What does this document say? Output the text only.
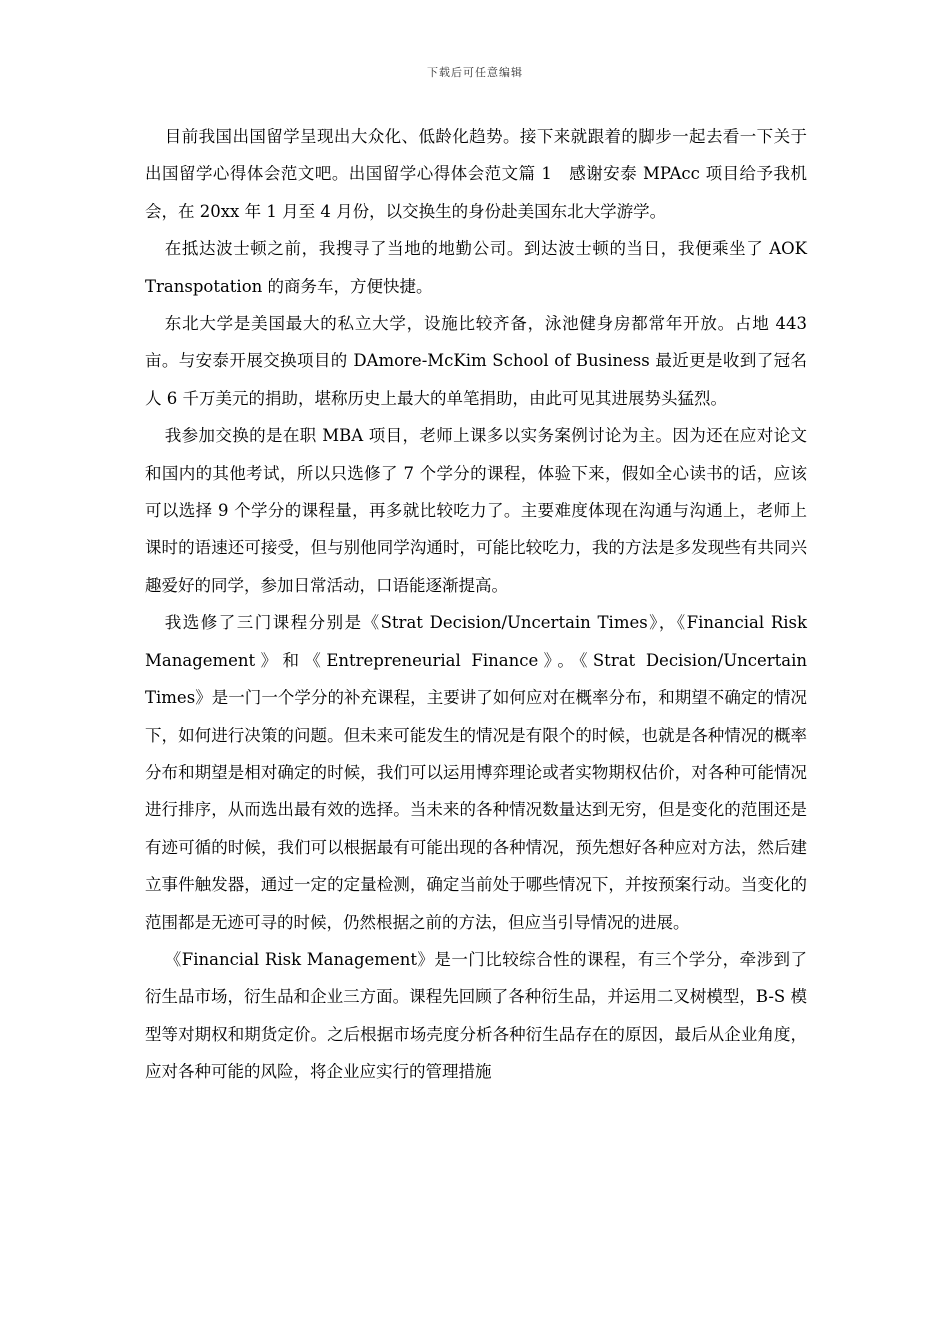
下载后可任意编辑

目前我国出国留学呈现出大众化、低龄化趋势。接下来就跟着的脚步一起去看一下关于出国留学心得体会范文吧。出国留学心得体会范文篇 1　感谢安泰 MPAcc 项目给予我机会，在 20xx 年 1 月至 4 月份，以交换生的身份赴美国东北大学游学。

在抵达波士顿之前，我搜寻了当地的地勤公司。到达波士顿的当日，我便乘坐了 AOK Transpotation 的商务车，方便快捷。

东北大学是美国最大的私立大学，设施比较齐备，泳池健身房都常年开放。占地 443 亩。与安泰开展交换项目的 DAmore-McKim School of Business 最近更是收到了冠名人 6 千万美元的捐助，堪称历史上最大的单笔捐助，由此可见其进展势头猛烈。

我参加交换的是在职 MBA 项目，老师上课多以实务案例讨论为主。因为还在应对论文和国内的其他考试，所以只选修了 7 个学分的课程，体验下来，假如全心读书的话，应该可以选择 9 个学分的课程量，再多就比较吃力了。主要难度体现在沟通与沟通上，老师上课时的语速还可接受，但与别他同学沟通时，可能比较吃力，我的方法是多发现些有共同兴趣爱好的同学，参加日常活动，口语能逐渐提高。

我选修了三门课程分别是《Strat Decision/Uncertain Times》，《Financial Risk Management》和《Entrepreneurial Finance》。《Strat Decision/Uncertain Times》是一门一个学分的补充课程，主要讲了如何应对在概率分布，和期望不确定的情况下，如何进行决策的问题。但未来可能发生的情况是有限个的时候，也就是各种情况的概率分布和期望是相对确定的时候，我们可以运用博弈理论或者实物期权估价，对各种可能情况进行排序，从而选出最有效的选择。当未来的各种情况数量达到无穷，但是变化的范围还是有迹可循的时候，我们可以根据最有可能出现的各种情况，预先想好各种应对方法，然后建立事件触发器，通过一定的定量检测，确定当前处于哪些情况下，并按预案行动。当变化的范围都是无迹可寻的时候，仍然根据之前的方法，但应当引导情况的进展。

《Financial Risk Management》是一门比较综合性的课程，有三个学分，牵涉到了衍生品市场，衍生品和企业三方面。课程先回顾了各种衍生品，并运用二叉树模型，B-S 模型等对期权和期货定价。之后根据市场壳度分析各种衍生品存在的原因，最后从企业角度，应对各种可能的风险，将企业应实行的管理措施
